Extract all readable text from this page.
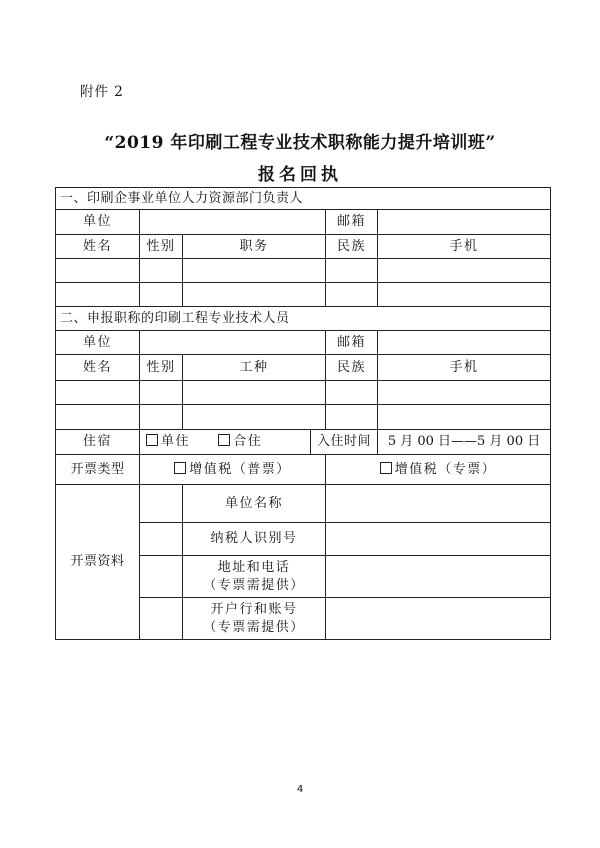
附件 2
“2019 年印刷工程专业技术职称能力提升培训班”
报名回执
一、印刷企事业单位人力资源部门负责人					
单位				邮箱	
姓名	性别	职务		民族	手机

二、申报职称的印刷工程专业技术人员					
单位				邮箱	
姓名	性别	工种		民族	手机

住宿	单住 合住		入住时间		5 月 00 日——5 月 00 日
开票类型	增值税（普票）			增值税（专票）	
开票资料		单位名称			

		纳税人识别号			

		地址和电话
（专票需提供）			

		开户行和账号
（专票需提供）			

4
